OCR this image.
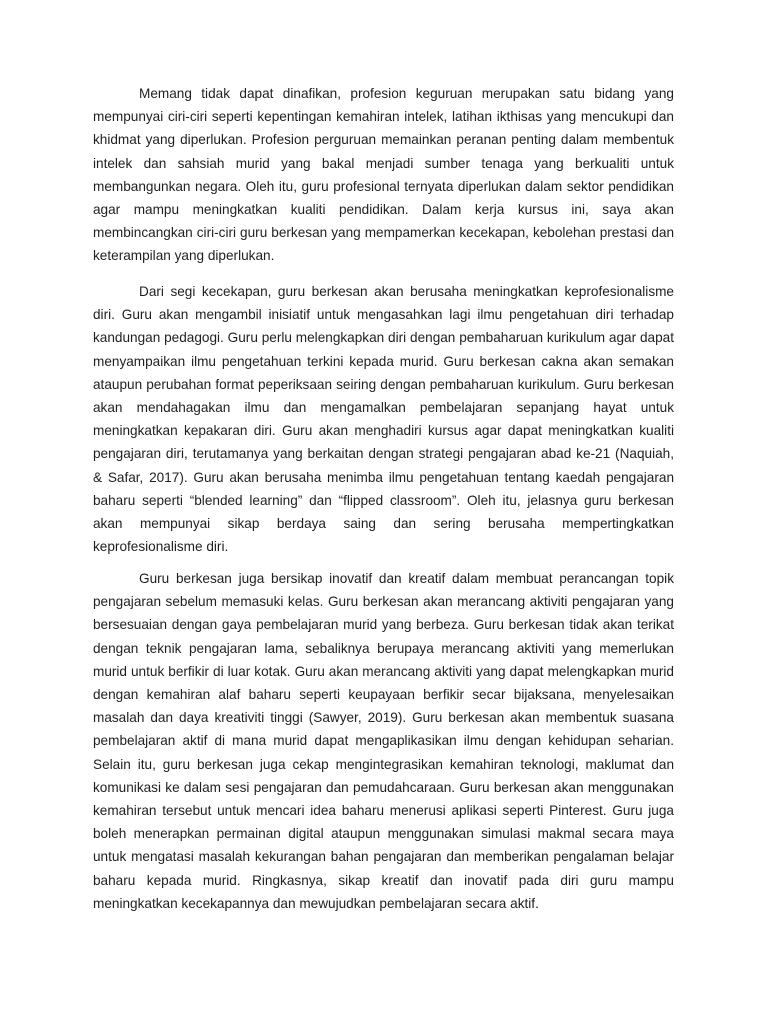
Memang tidak dapat dinafikan, profesion keguruan merupakan satu bidang yang mempunyai ciri-ciri seperti kepentingan kemahiran intelek, latihan ikthisas yang mencukupi dan khidmat yang diperlukan. Profesion perguruan memainkan peranan penting dalam membentuk intelek dan sahsiah murid yang bakal menjadi sumber tenaga yang berkualiti untuk membangunkan negara. Oleh itu, guru profesional ternyata diperlukan dalam sektor pendidikan agar mampu meningkatkan kualiti pendidikan. Dalam kerja kursus ini, saya akan membincangkan ciri-ciri guru berkesan yang mempamerkan kecekapan, kebolehan prestasi dan keterampilan yang diperlukan.

Dari segi kecekapan, guru berkesan akan berusaha meningkatkan keprofesionalisme diri. Guru akan mengambil inisiatif untuk mengasahkan lagi ilmu pengetahuan diri terhadap kandungan pedagogi. Guru perlu melengkapkan diri dengan pembaharuan kurikulum agar dapat menyampaikan ilmu pengetahuan terkini kepada murid. Guru berkesan cakna akan semakan ataupun perubahan format peperiksaan seiring dengan pembaharuan kurikulum. Guru berkesan akan mendahagakan ilmu dan mengamalkan pembelajaran sepanjang hayat untuk meningkatkan kepakaran diri. Guru akan menghadiri kursus agar dapat meningkatkan kualiti pengajaran diri, terutamanya yang berkaitan dengan strategi pengajaran abad ke-21 (Naquiah, & Safar, 2017). Guru akan berusaha menimba ilmu pengetahuan tentang kaedah pengajaran baharu seperti “blended learning” dan “flipped classroom”. Oleh itu, jelasnya guru berkesan akan mempunyai sikap berdaya saing dan sering berusaha mempertingkatkan keprofesionalisme diri.

Guru berkesan juga bersikap inovatif dan kreatif dalam membuat perancangan topik pengajaran sebelum memasuki kelas. Guru berkesan akan merancang aktiviti pengajaran yang bersesuaian dengan gaya pembelajaran murid yang berbeza. Guru berkesan tidak akan terikat dengan teknik pengajaran lama, sebaliknya berupaya merancang aktiviti yang memerlukan murid untuk berfikir di luar kotak. Guru akan merancang aktiviti yang dapat melengkapkan murid dengan kemahiran alaf baharu seperti keupayaan berfikir secar bijaksana, menyelesaikan masalah dan daya kreativiti tinggi (Sawyer, 2019). Guru berkesan akan membentuk suasana pembelajaran aktif di mana murid dapat mengaplikasikan ilmu dengan kehidupan seharian. Selain itu, guru berkesan juga cekap mengintegrasikan kemahiran teknologi, maklumat dan komunikasi ke dalam sesi pengajaran dan pemudahcaraan. Guru berkesan akan menggunakan kemahiran tersebut untuk mencari idea baharu menerusi aplikasi seperti Pinterest. Guru juga boleh menerapkan permainan digital ataupun menggunakan simulasi makmal secara maya untuk mengatasi masalah kekurangan bahan pengajaran dan memberikan pengalaman belajar baharu kepada murid. Ringkasnya, sikap kreatif dan inovatif pada diri guru mampu meningkatkan kecekapannya dan mewujudkan pembelajaran secara aktif.
